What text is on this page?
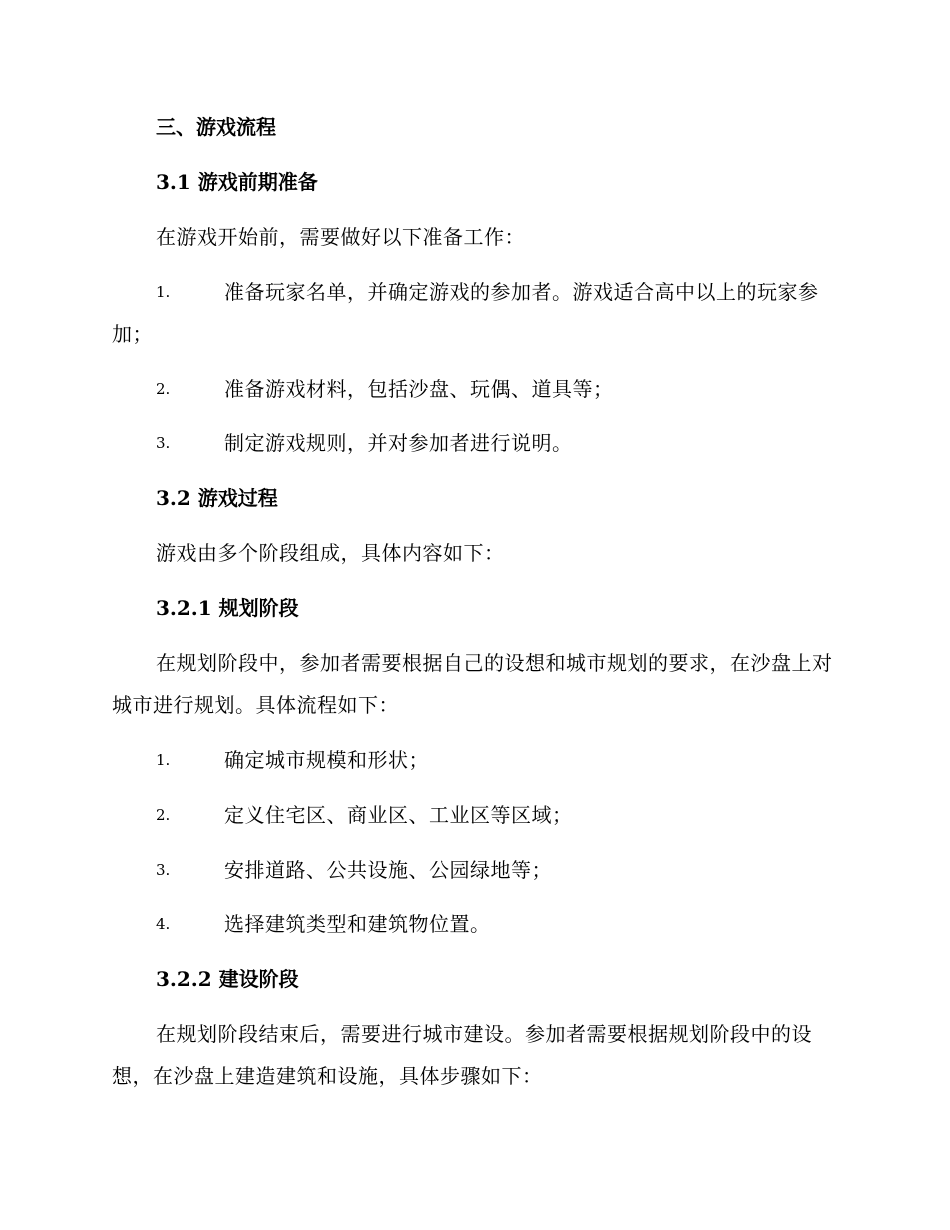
三、游戏流程
3.1 游戏前期准备
在游戏开始前，需要做好以下准备工作：
1.	准备玩家名单，并确定游戏的参加者。游戏适合高中以上的玩家参加；
2.	准备游戏材料，包括沙盘、玩偶、道具等；
3.	制定游戏规则，并对参加者进行说明。
3.2 游戏过程
游戏由多个阶段组成，具体内容如下：
3.2.1 规划阶段
在规划阶段中，参加者需要根据自己的设想和城市规划的要求，在沙盘上对城市进行规划。具体流程如下：
1.	确定城市规模和形状；
2.	定义住宅区、商业区、工业区等区域；
3.	安排道路、公共设施、公园绿地等；
4.	选择建筑类型和建筑物位置。
3.2.2 建设阶段
在规划阶段结束后，需要进行城市建设。参加者需要根据规划阶段中的设想，在沙盘上建造建筑和设施，具体步骤如下：
